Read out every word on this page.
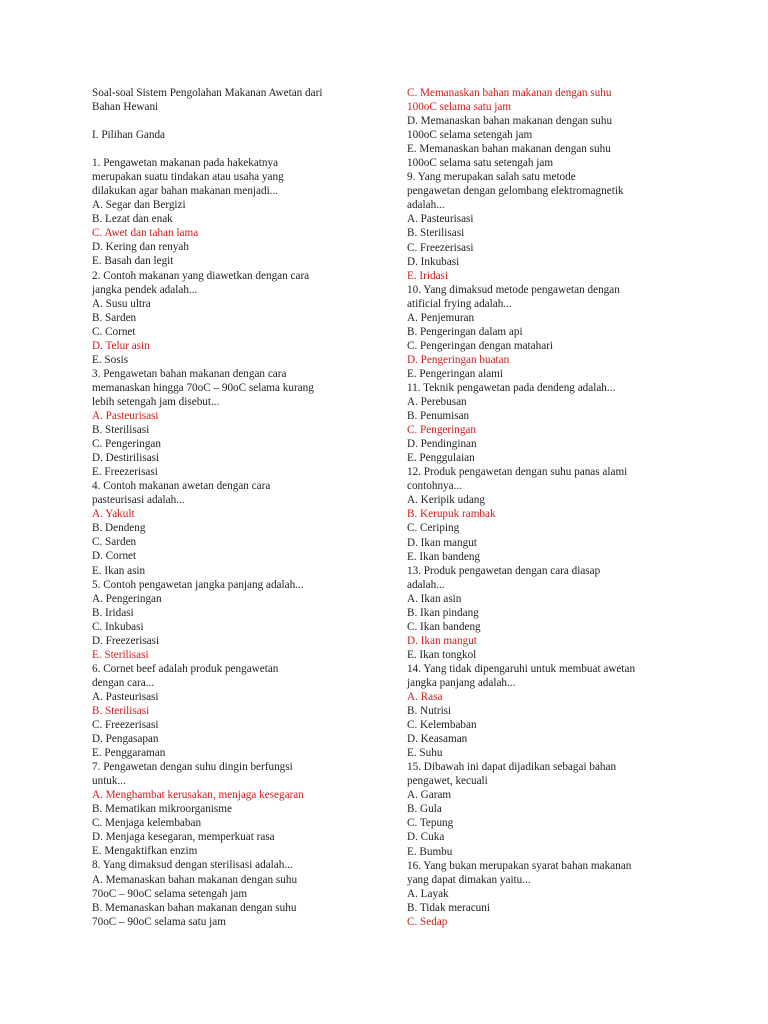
Soal-soal Sistem Pengolahan Makanan Awetan dari
Bahan Hewani
I. Pilihan Ganda
1. Pengawetan makanan pada hakekatnya
merupakan suatu tindakan atau usaha yang
dilakukan agar bahan makanan menjadi...
A. Segar dan Bergizi
B. Lezat dan enak
C. Awet dan tahan lama
D. Kering dan renyah
E. Basah dan legit
2. Contoh makanan yang diawetkan dengan cara
jangka pendek adalah...
A. Susu ultra
B. Sarden
C. Cornet
D. Telur asin
E. Sosis
3. Pengawetan bahan makanan dengan cara
memanaskan hingga 70oC – 90oC selama kurang
lebih setengah jam disebut...
A. Pasteurisasi
B. Sterilisasi
C. Pengeringan
D. Destirilisasi
E. Freezerisasi
4. Contoh makanan awetan dengan cara
pasteurisasi adalah...
A. Yakult
B. Dendeng
C. Sarden
D. Cornet
E. Ikan asin
5. Contoh pengawetan jangka panjang adalah...
A. Pengeringan
B. Iridasi
C. Inkubasi
D. Freezerisasi
E. Sterilisasi
6. Cornet beef adalah produk pengawetan
dengan cara...
A. Pasteurisasi
B. Sterilisasi
C. Freezerisasi
D. Pengasapan
E. Penggaraman
7. Pengawetan dengan suhu dingin berfungsi
untuk...
A. Menghambat kerusakan, menjaga kesegaran
B. Mematikan mikroorganisme
C. Menjaga kelembaban
D. Menjaga kesegaran, memperkuat rasa
E. Mengaktifkan enzim
8. Yang dimaksud dengan sterilisasi adalah...
A. Memanaskan bahan makanan dengan suhu
70oC – 90oC selama setengah jam
B. Memanaskan bahan makanan dengan suhu
70oC – 90oC selama satu jam
C. Memanaskan bahan makanan dengan suhu
100oC selama satu jam
D. Memanaskan bahan makanan dengan suhu
100oC selama setengah jam
E. Memanaskan bahan makanan dengan suhu
100oC selama satu setengah jam
9. Yang merupakan salah satu metode
pengawetan dengan gelombang elektromagnetik
adalah...
A. Pasteurisasi
B. Sterilisasi
C. Freezerisasi
D. Inkubasi
E. Iridasi
10. Yang dimaksud metode pengawetan dengan
atificial frying adalah...
A. Penjemuran
B. Pengeringan dalam api
C. Pengeringan dengan matahari
D. Pengeringan buatan
E. Pengeringan alami
11. Teknik pengawetan pada dendeng adalah...
A. Perebusan
B. Penumisan
C. Pengeringan
D. Pendinginan
E. Penggulaian
12. Produk pengawetan dengan suhu panas alami
contohnya...
A. Keripik udang
B. Kerupuk rambak
C. Ceriping
D. Ikan mangut
E. Ikan bandeng
13. Produk pengawetan dengan cara diasap
adalah...
A. Ikan asin
B. Ikan pindang
C. Ikan bandeng
D. Ikan mangut
E. Ikan tongkol
14. Yang tidak dipengaruhi untuk membuat awetan
jangka panjang adalah...
A. Rasa
B. Nutrisi
C. Kelembaban
D. Keasaman
E. Suhu
15. Dibawah ini dapat dijadikan sebagai bahan
pengawet, kecuali
A. Garam
B. Gula
C. Tepung
D. Cuka
E. Bumbu
16. Yang bukan merupakan syarat bahan makanan
yang dapat dimakan yaitu...
A. Layak
B. Tidak meracuni
C. Sedap
